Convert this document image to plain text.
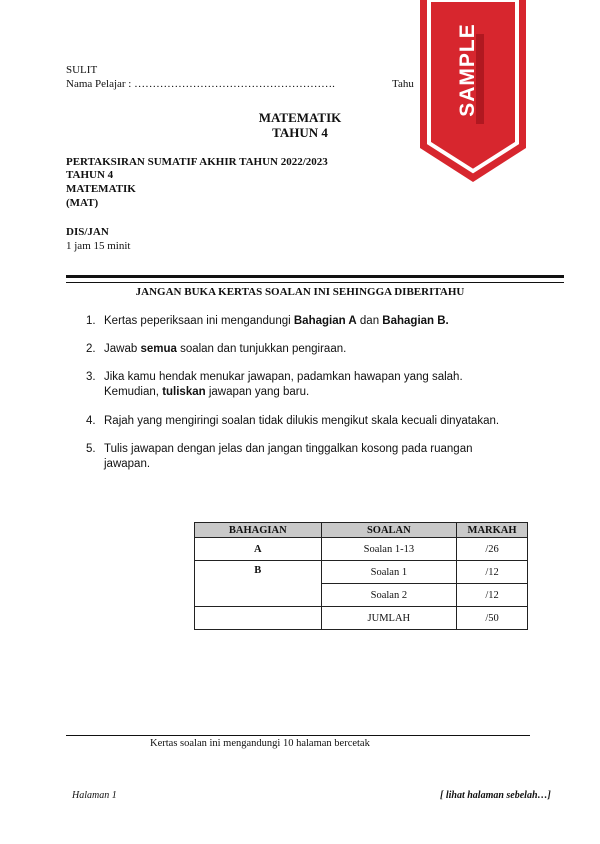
SULIT
Nama Pelajar : ……………………………………………….	Tahu
MATEMATIK
TAHUN 4
PERTAKSIRAN SUMATIF AKHIR TAHUN 2022/2023
TAHUN 4
MATEMATIK
(MAT)
DIS/JAN
1 jam 15 minit
JANGAN BUKA KERTAS SOALAN INI SEHINGGA DIBERITAHU
1. Kertas peperiksaan ini mengandungi Bahagian A dan Bahagian B.
2. Jawab semua soalan dan tunjukkan pengiraan.
3. Jika kamu hendak menukar jawapan, padamkan hawapan yang salah.
Kemudian, tuliskan jawapan yang baru.
4. Rajah yang mengiringi soalan tidak dilukis mengikut skala kecuali dinyatakan.
5. Tulis jawapan dengan jelas dan jangan tinggalkan kosong pada ruangan
jawapan.
BAHAGIAN	SOALAN	MARKAH
A	Soalan 1-13	/26
B	Soalan 1	/12
	Soalan 2	/12
	JUMLAH	/50
Kertas soalan ini mengandungi 10 halaman bercetak
Halaman 1	[ lihat halaman sebelah…]
SAMPLE
